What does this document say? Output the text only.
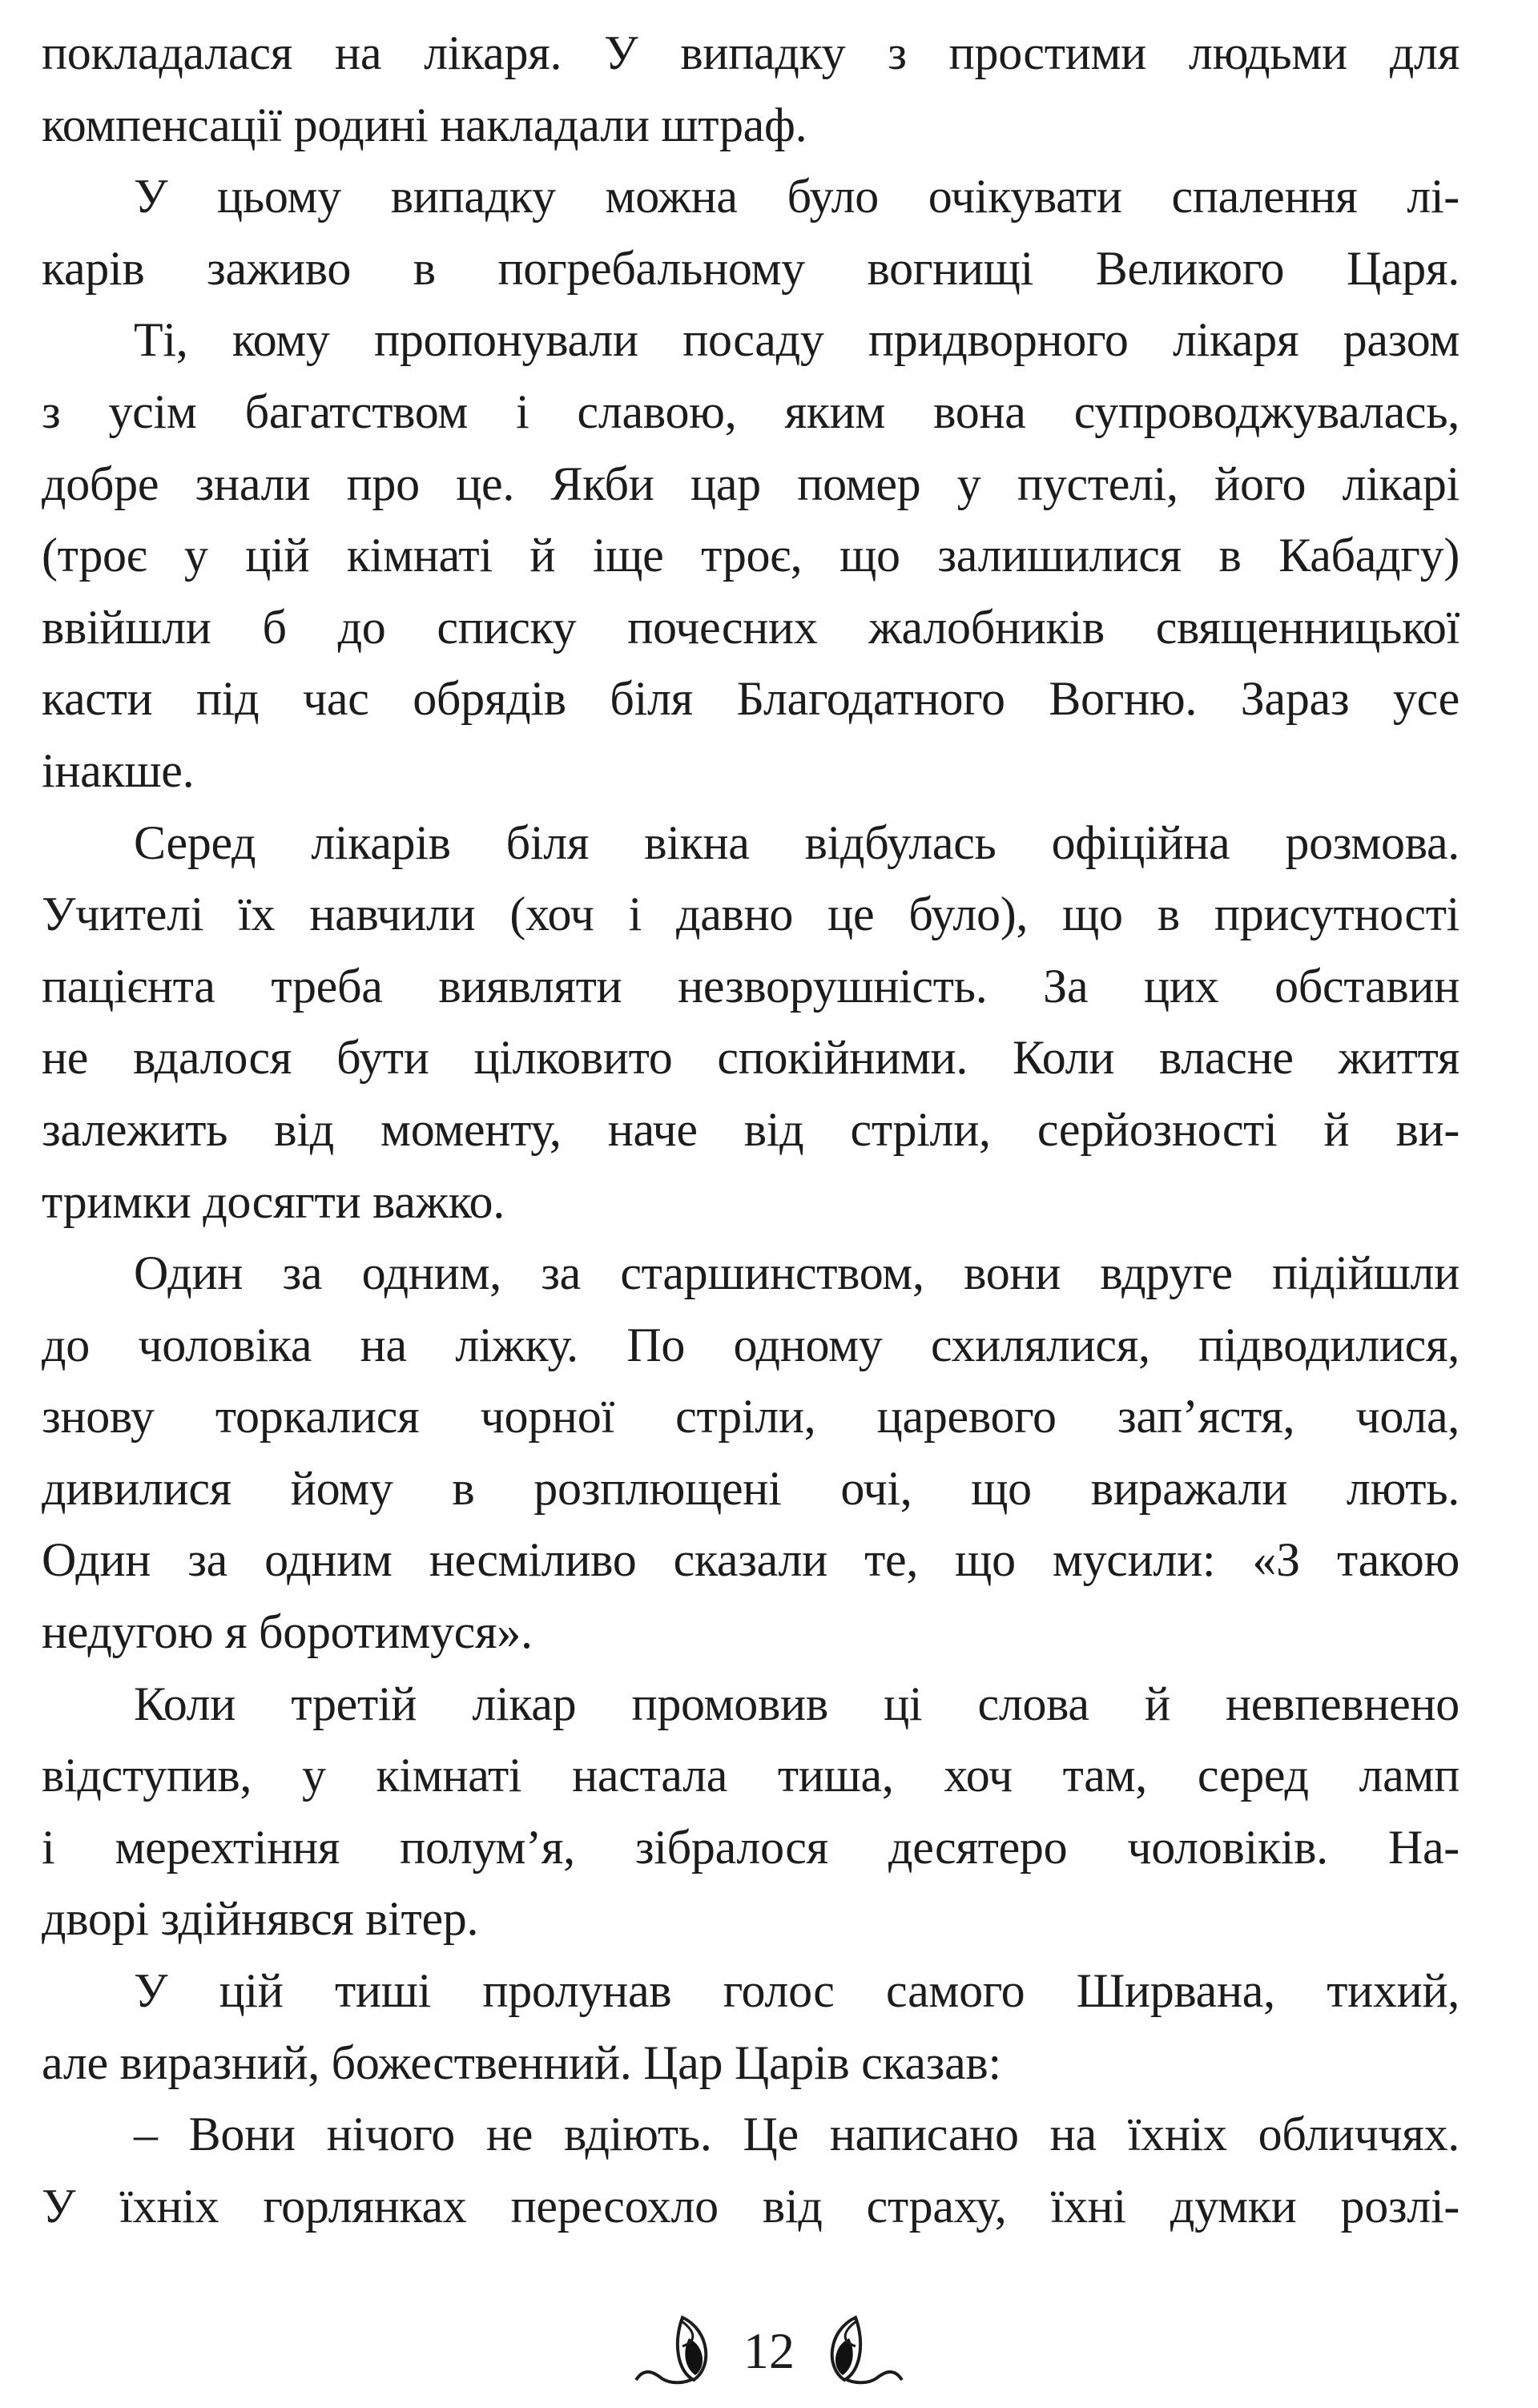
покладалася на лікаря. У випадку з простими людьми для
компенсації родині накладали штраф.
У цьому випадку можна було очікувати спалення лі-
карів заживо в погребальному вогнищі Великого Царя.
Ті, кому пропонували посаду придворного лікаря разом
з усім багатством і славою, яким вона супроводжувалась,
добре знали про це. Якби цар помер у пустелі, його лікарі
(троє у цій кімнаті й іще троє, що залишилися в Кабадгу)
ввійшли б до списку почесних жалобників священницької
касти під час обрядів біля Благодатного Вогню. Зараз усе
інакше.
Серед лікарів біля вікна відбулась офіційна розмова.
Учителі їх навчили (хоч і давно це було), що в присутності
пацієнта треба виявляти незворушність. За цих обставин
не вдалося бути цілковито спокійними. Коли власне життя
залежить від моменту, наче від стріли, серйозності й ви-
тримки досягти важко.
Один за одним, за старшинством, вони вдруге підійшли
до чоловіка на ліжку. По одному схилялися, підводилися,
знову торкалися чорної стріли, царевого зап’ястя, чола,
дивилися йому в розплющені очі, що виражали лють.
Один за одним несміливо сказали те, що мусили: «З такою
недугою я боротимуся».
Коли третій лікар промовив ці слова й невпевнено
відступив, у кімнаті настала тиша, хоч там, серед ламп
і мерехтіння полум’я, зібралося десятеро чоловіків. На-
дворі здійнявся вітер.
У цій тиші пролунав голос самого Ширвана, тихий,
але виразний, божественний. Цар Царів сказав:
– Вони нічого не вдіють. Це написано на їхніх обличчях.
У їхніх горлянках пересохло від страху, їхні думки розлі-
12
